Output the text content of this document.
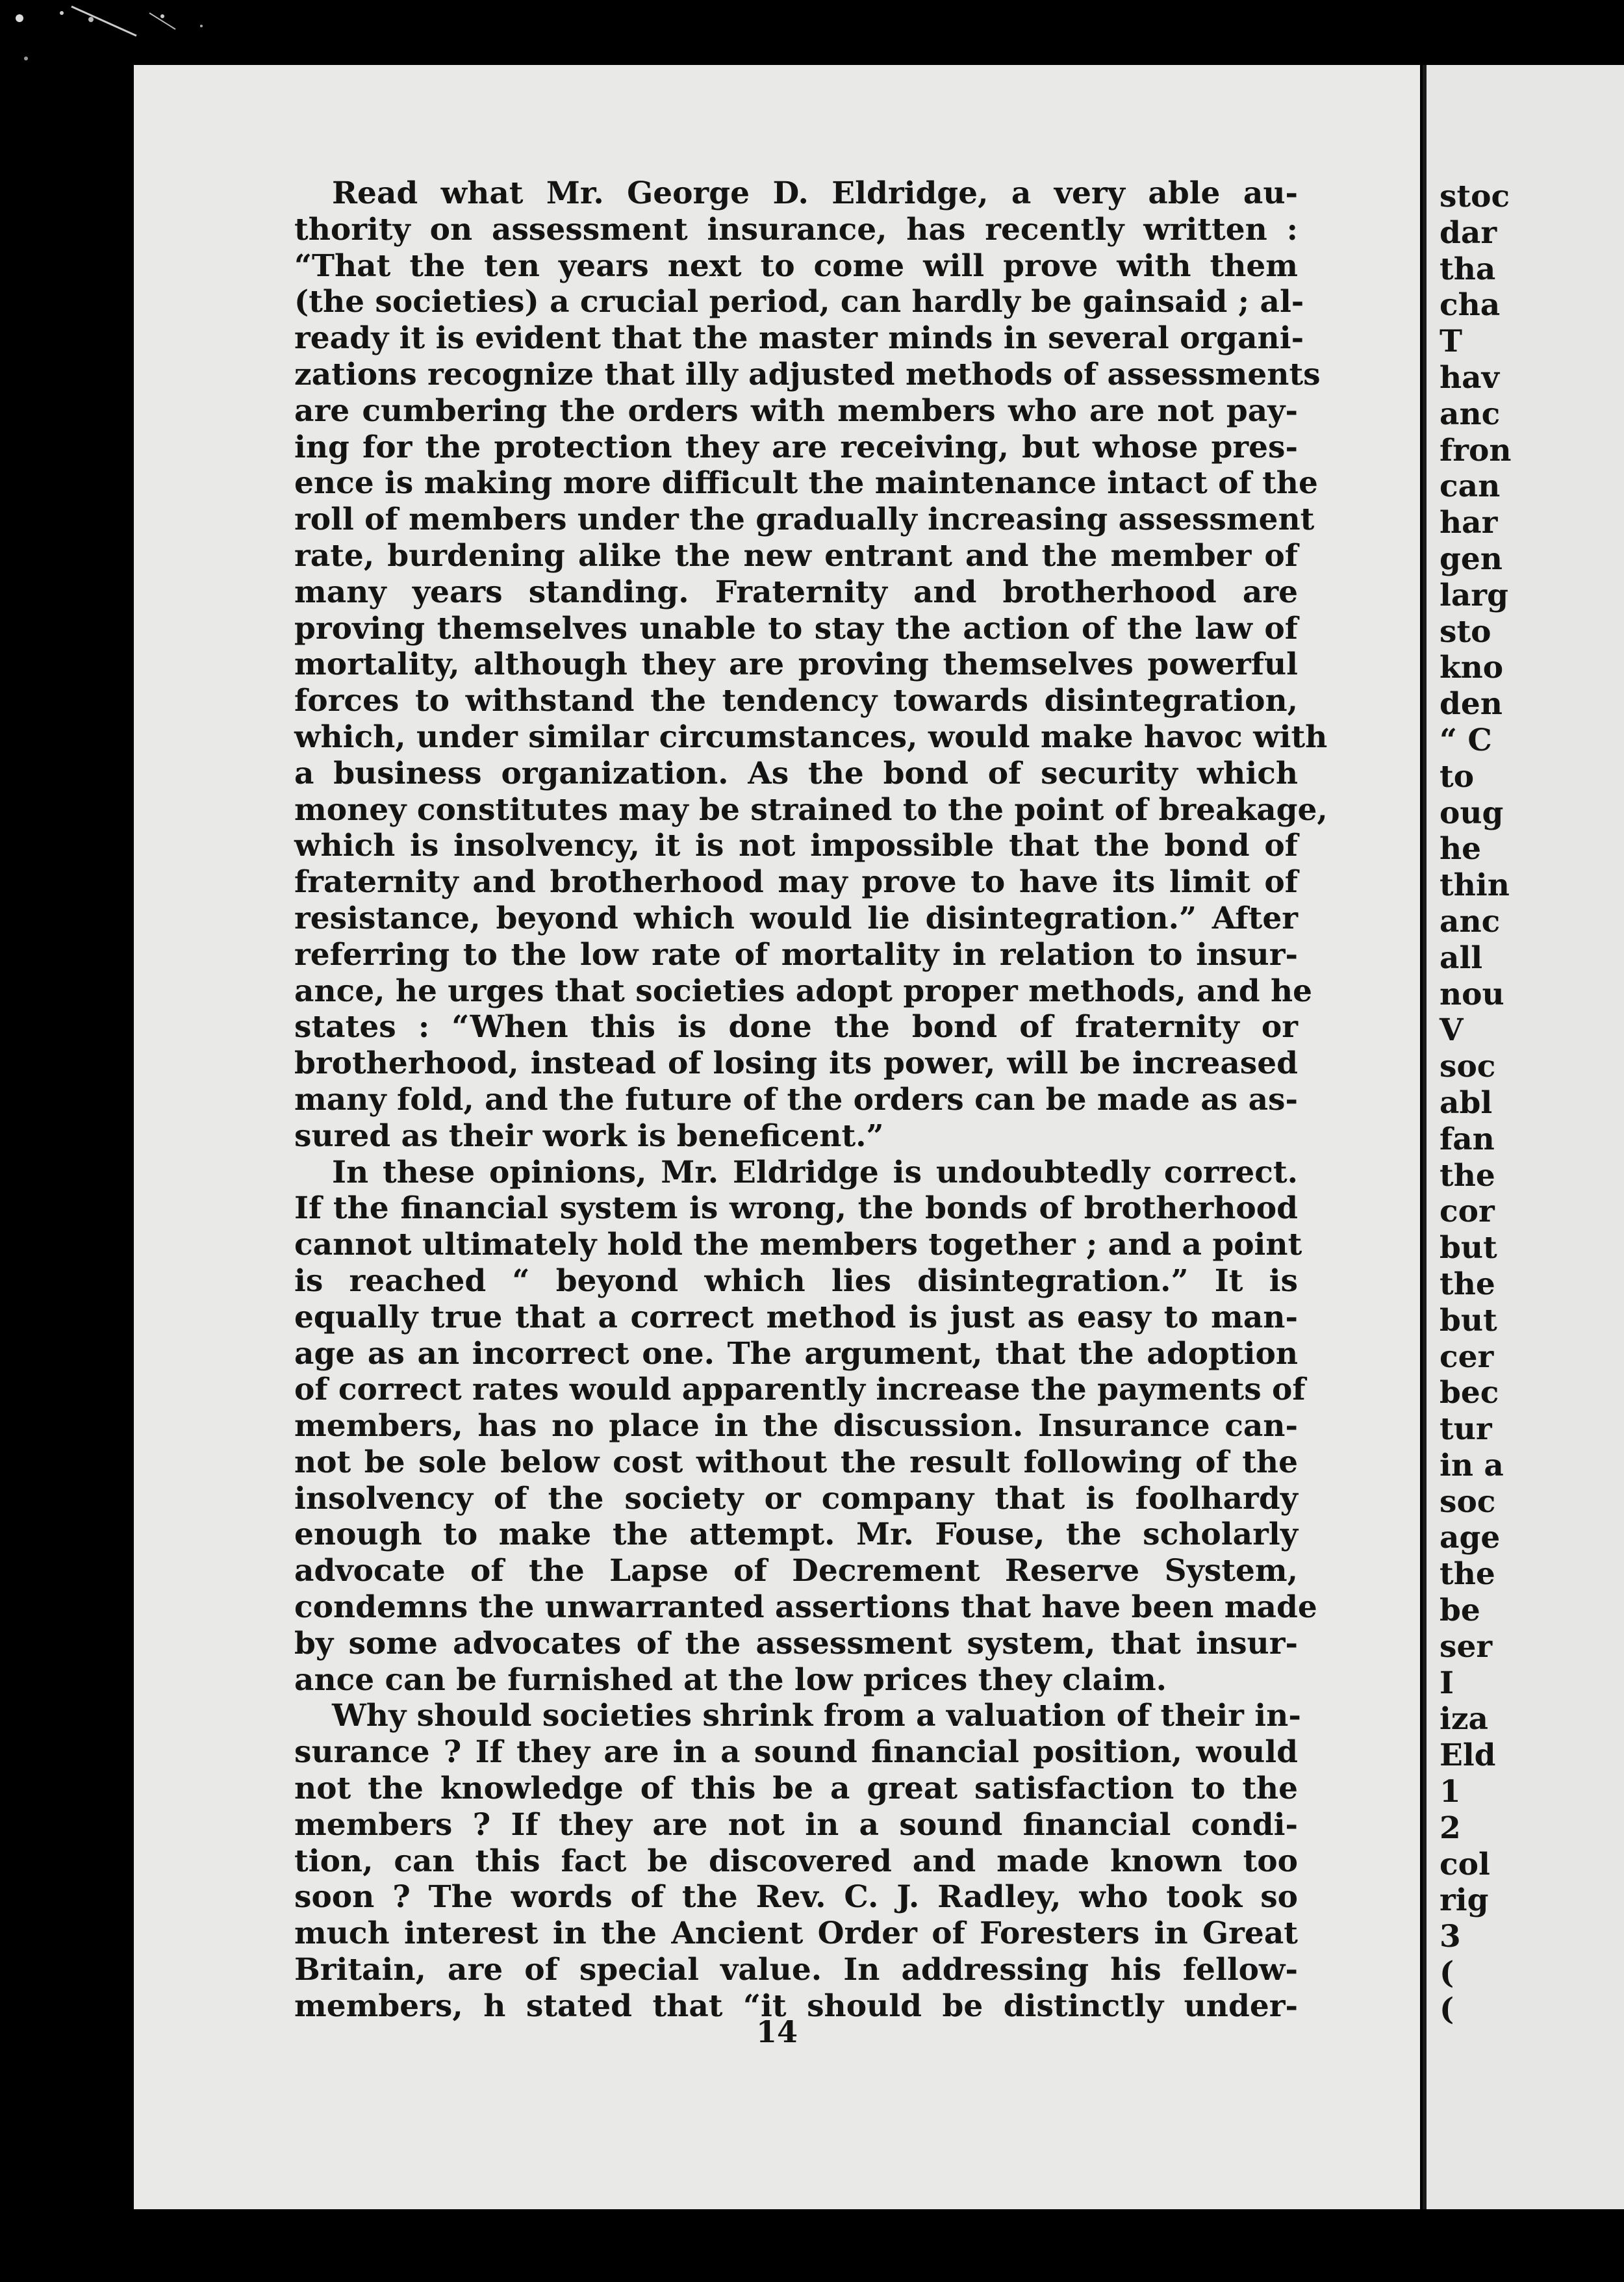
Read what Mr. George D. Eldridge, a very able au-
thority on assessment insurance, has recently written :
“That the ten years next to come will prove with them
(the societies) a crucial period, can hardly be gainsaid ; al-
ready it is evident that the master minds in several organi-
zations recognize that illy adjusted methods of assessments
are cumbering the orders with members who are not pay-
ing for the protection they are receiving, but whose pres-
ence is making more difficult the maintenance intact of the
roll of members under the gradually increasing assessment
rate, burdening alike the new entrant and the member of
many years standing. Fraternity and brotherhood are
proving themselves unable to stay the action of the law of
mortality, although they are proving themselves powerful
forces to withstand the tendency towards disintegration,
which, under similar circumstances, would make havoc with
a business organization. As the bond of security which
money constitutes may be strained to the point of breakage,
which is insolvency, it is not impossible that the bond of
fraternity and brotherhood may prove to have its limit of
resistance, beyond which would lie disintegration.” After
referring to the low rate of mortality in relation to insur-
ance, he urges that societies adopt proper methods, and he
states : “When this is done the bond of fraternity or
brotherhood, instead of losing its power, will be increased
many fold, and the future of the orders can be made as as-
sured as their work is beneficent.”
In these opinions, Mr. Eldridge is undoubtedly correct.
If the financial system is wrong, the bonds of brotherhood
cannot ultimately hold the members together ; and a point
is reached “ beyond which lies disintegration.” It is
equally true that a correct method is just as easy to man-
age as an incorrect one. The argument, that the adoption
of correct rates would apparently increase the payments of
members, has no place in the discussion. Insurance can-
not be sole below cost without the result following of the
insolvency of the society or company that is foolhardy
enough to make the attempt. Mr. Fouse, the scholarly
advocate of the Lapse of Decrement Reserve System,
condemns the unwarranted assertions that have been made
by some advocates of the assessment system, that insur-
ance can be furnished at the low prices they claim.
Why should societies shrink from a valuation of their in-
surance ? If they are in a sound financial position, would
not the knowledge of this be a great satisfaction to the
members ? If they are not in a sound financial condi-
tion, can this fact be discovered and made known too
soon ? The words of the Rev. C. J. Radley, who took so
much interest in the Ancient Order of Foresters in Great
Britain, are of special value. In addressing his fellow-
members, h stated that “it should be distinctly under-
14
stoc
dar
tha
cha
T
hav
anc
fron
can
har
gen
larg
sto
kno
den
“ C
to
oug
he
thin
anc
all
nou
V
soc
abl
fan
the
cor
but
the
but
cer
bec
tur
in a
soc
age
the
be
ser
I
iza
Eld
1
2
col
rig
3
(
(
